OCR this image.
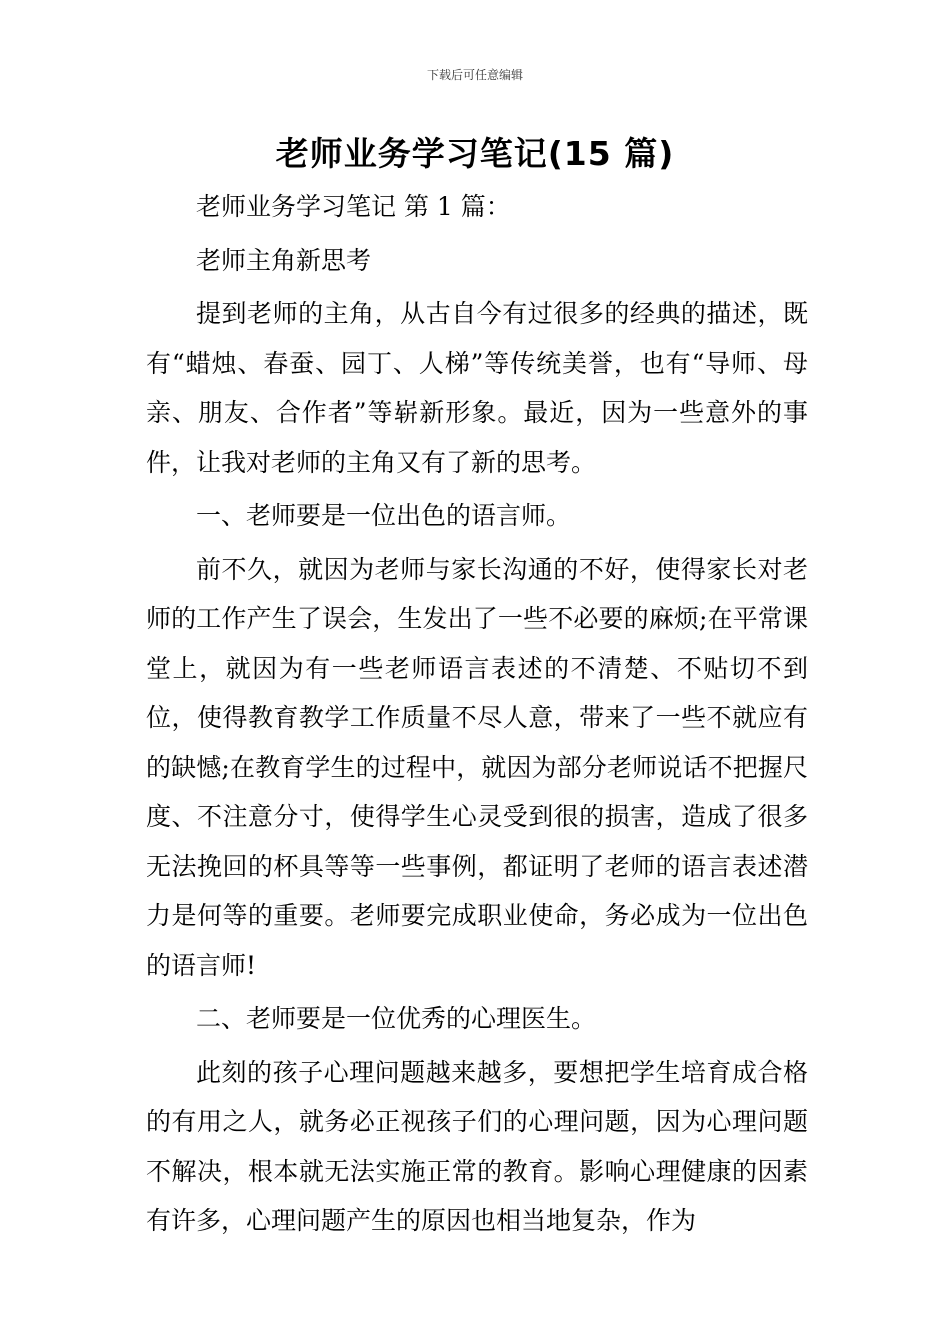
下载后可任意编辑
老师业务学习笔记(15 篇)

老师业务学习笔记 第 1 篇：

老师主角新思考

提到老师的主角，从古自今有过很多的经典的描述，既有“蜡烛、春蚕、园丁、人梯”等传统美誉，也有“导师、母亲、朋友、合作者”等崭新形象。最近，因为一些意外的事件，让我对老师的主角又有了新的思考。

一、老师要是一位出色的语言师。

前不久，就因为老师与家长沟通的不好，使得家长对老师的工作产生了误会，生发出了一些不必要的麻烦;在平常课堂上，就因为有一些老师语言表述的不清楚、不贴切不到位，使得教育教学工作质量不尽人意，带来了一些不就应有的缺憾;在教育学生的过程中，就因为部分老师说话不把握尺度、不注意分寸，使得学生心灵受到很的损害，造成了很多无法挽回的杯具等等一些事例，都证明了老师的语言表述潜力是何等的重要。老师要完成职业使命，务必成为一位出色的语言师!

二、老师要是一位优秀的心理医生。

此刻的孩子心理问题越来越多，要想把学生培育成合格的有用之人，就务必正视孩子们的心理问题，因为心理问题不解决，根本就无法实施正常的教育。影响心理健康的因素有许多，心理问题产生的原因也相当地复杂，作为
